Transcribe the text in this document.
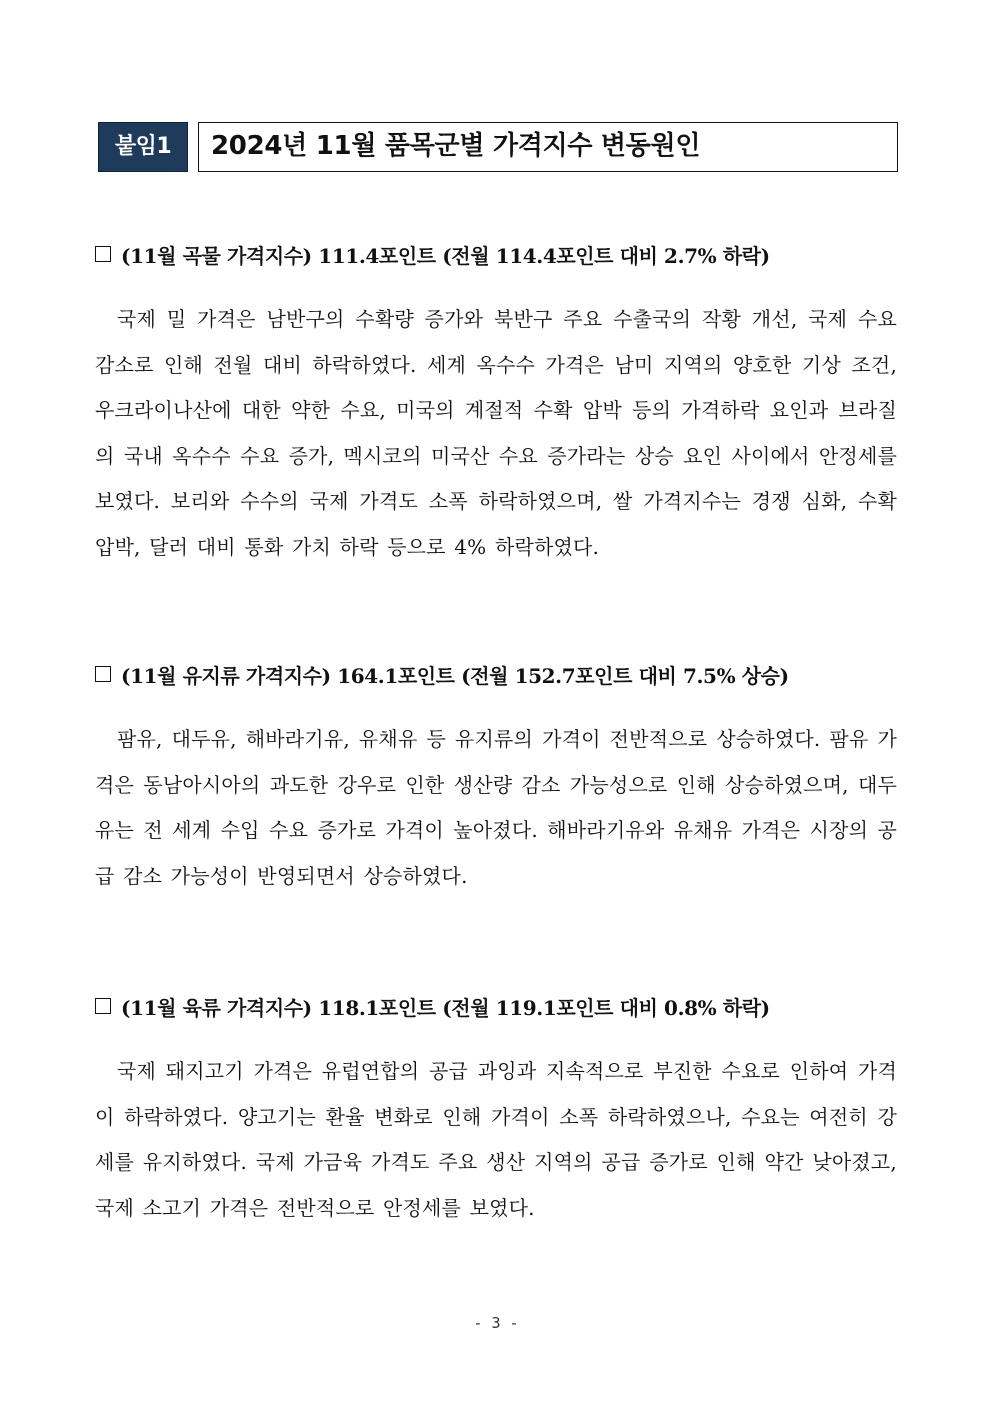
붙임1	2024년 11월 품목군별 가격지수 변동원인
(11월 곡물 가격지수) 111.4포인트 (전월 114.4포인트 대비 2.7% 하락)

국제 밀 가격은 남반구의 수확량 증가와 북반구 주요 수출국의 작황 개선, 국제 수요 감소로 인해 전월 대비 하락하였다. 세계 옥수수 가격은 남미 지역의 양호한 기상 조건, 우크라이나산에 대한 약한 수요, 미국의 계절적 수확 압박 등의 가격하락 요인과 브라질의 국내 옥수수 수요 증가, 멕시코의 미국산 수요 증가라는 상승 요인 사이에서 안정세를 보였다. 보리와 수수의 국제 가격도 소폭 하락하였으며, 쌀 가격지수는 경쟁 심화, 수확 압박, 달러 대비 통화 가치 하락 등으로 4% 하락하였다.

(11월 유지류 가격지수) 164.1포인트 (전월 152.7포인트 대비 7.5% 상승)

팜유, 대두유, 해바라기유, 유채유 등 유지류의 가격이 전반적으로 상승하였다. 팜유 가격은 동남아시아의 과도한 강우로 인한 생산량 감소 가능성으로 인해 상승하였으며, 대두유는 전 세계 수입 수요 증가로 가격이 높아졌다. 해바라기유와 유채유 가격은 시장의 공급 감소 가능성이 반영되면서 상승하였다.

(11월 육류 가격지수) 118.1포인트 (전월 119.1포인트 대비 0.8% 하락)

국제 돼지고기 가격은 유럽연합의 공급 과잉과 지속적으로 부진한 수요로 인하여 가격이 하락하였다. 양고기는 환율 변화로 인해 가격이 소폭 하락하였으나, 수요는 여전히 강세를 유지하였다. 국제 가금육 가격도 주요 생산 지역의 공급 증가로 인해 약간 낮아졌고, 국제 소고기 가격은 전반적으로 안정세를 보였다.

- 3 -
